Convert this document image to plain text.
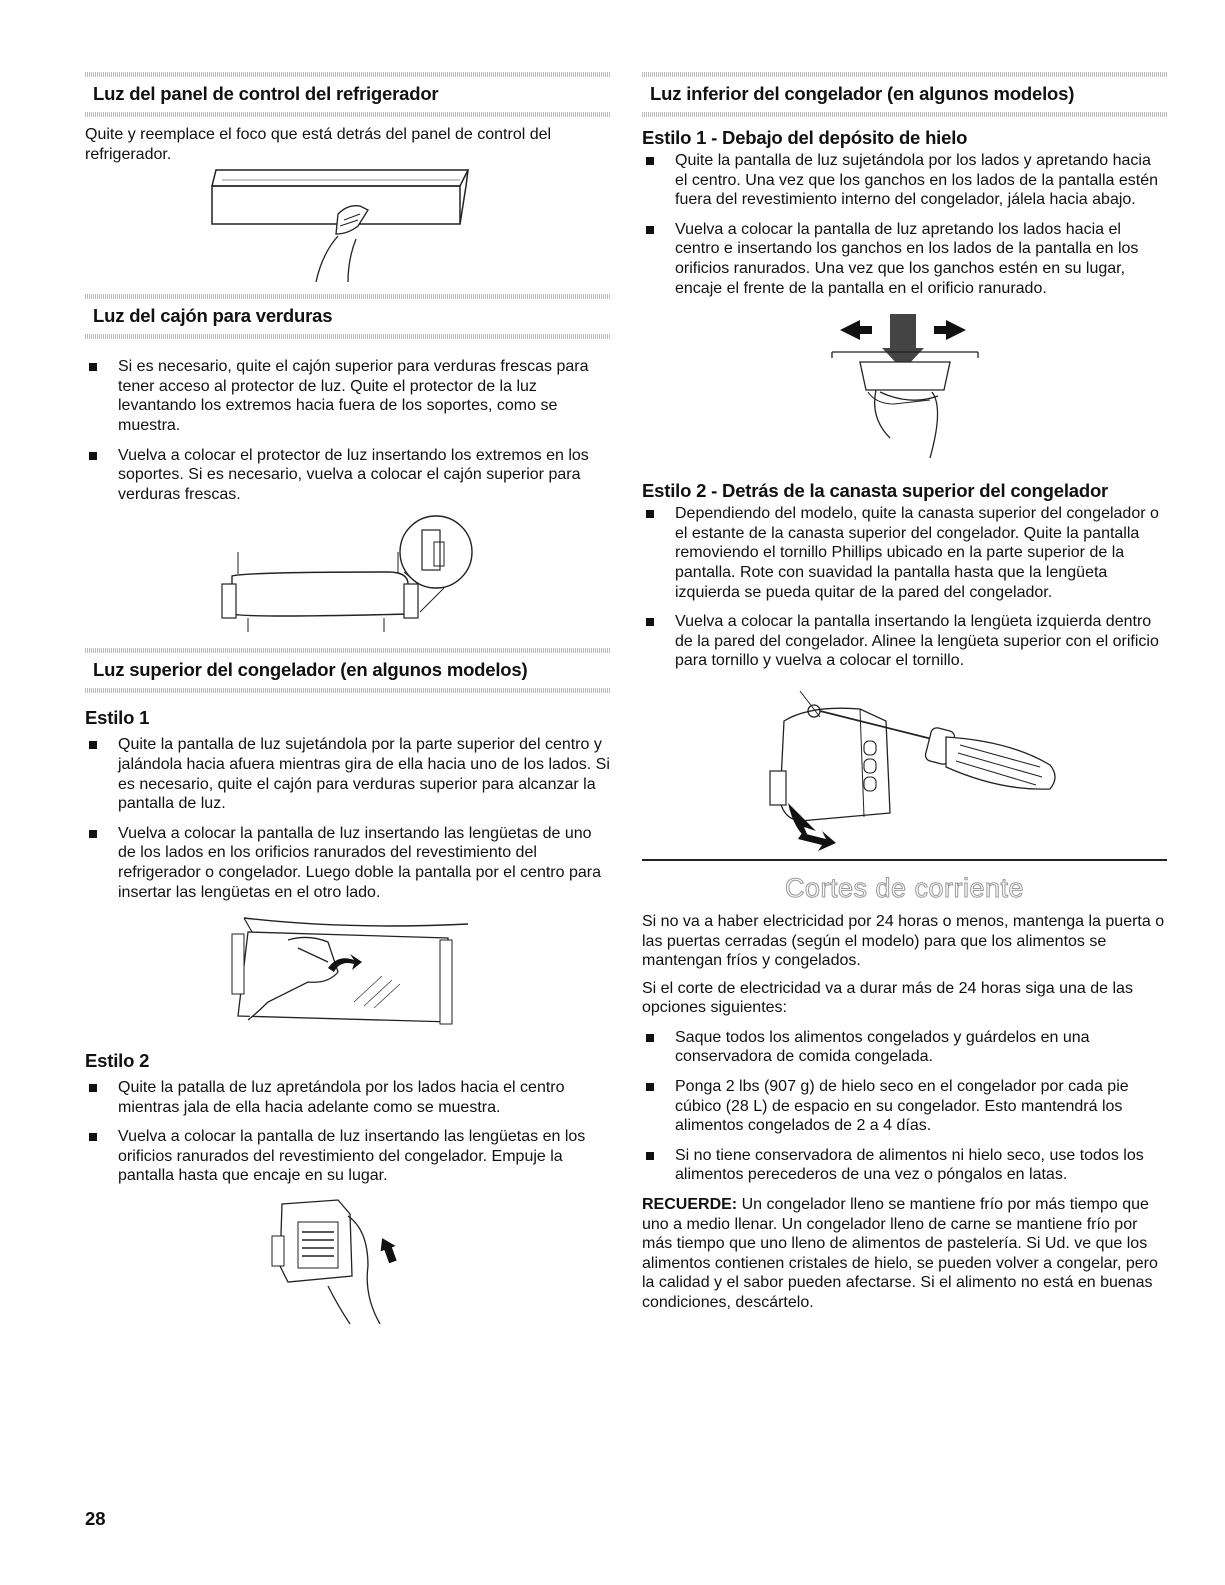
Luz del panel de control del refrigerador

Quite y reemplace el foco que está detrás del panel de control del refrigerador.

Luz del cajón para verduras
Si es necesario, quite el cajón superior para verduras frescas para tener acceso al protector de luz. Quite el protector de la luz levantando los extremos hacia fuera de los soportes, como se muestra.
Vuelva a colocar el protector de luz insertando los extremos en los soportes. Si es necesario, vuelva a colocar el cajón superior para verduras frescas.
Luz superior del congelador (en algunos modelos)
Estilo 1
Quite la pantalla de luz sujetándola por la parte superior del centro y jalándola hacia afuera mientras gira de ella hacia uno de los lados. Si es necesario, quite el cajón para verduras superior para alcanzar la pantalla de luz.
Vuelva a colocar la pantalla de luz insertando las lengüetas de uno de los lados en los orificios ranurados del revestimiento del refrigerador o congelador. Luego doble la pantalla por el centro para insertar las lengüetas en el otro lado.
Estilo 2
Quite la patalla de luz apretándola por los lados hacia el centro mientras jala de ella hacia adelante como se muestra.
Vuelva a colocar la pantalla de luz insertando las lengüetas en los orificios ranurados del revestimiento del congelador. Empuje la pantalla hasta que encaje en su lugar.
Luz inferior del congelador (en algunos modelos)
Estilo 1 - Debajo del depósito de hielo
Quite la pantalla de luz sujetándola por los lados y apretando hacia el centro. Una vez que los ganchos en los lados de la pantalla estén fuera del revestimiento interno del congelador, jálela hacia abajo.
Vuelva a colocar la pantalla de luz apretando los lados hacia el centro e insertando los ganchos en los lados de la pantalla en los orificios ranurados. Una vez que los ganchos estén en su lugar, encaje el frente de la pantalla en el orificio ranurado.
Estilo 2 - Detrás de la canasta superior del congelador
Dependiendo del modelo, quite la canasta superior del congelador o el estante de la canasta superior del congelador. Quite la pantalla removiendo el tornillo Phillips ubicado en la parte superior de la pantalla. Rote con suavidad la pantalla hasta que la lengüeta izquierda se pueda quitar de la pared del congelador.
Vuelva a colocar la pantalla insertando la lengüeta izquierda dentro de la pared del congelador. Alinee la lengüeta superior con el orificio para tornillo y vuelva a colocar el tornillo.
Cortes de corriente

Si no va a haber electricidad por 24 horas o menos, mantenga la puerta o las puertas cerradas (según el modelo) para que los alimentos se mantengan fríos y congelados.

Si el corte de electricidad va a durar más de 24 horas siga una de las opciones siguientes:

Saque todos los alimentos congelados y guárdelos en una conservadora de comida congelada.
Ponga 2 lbs (907 g) de hielo seco en el congelador por cada pie cúbico (28 L) de espacio en su congelador. Esto mantendrá los alimentos congelados de 2 a 4 días.
Si no tiene conservadora de alimentos ni hielo seco, use todos los alimentos perecederos de una vez o póngalos en latas.

RECUERDE: Un congelador lleno se mantiene frío por más tiempo que uno a medio llenar. Un congelador lleno de carne se mantiene frío por más tiempo que uno lleno de alimentos de pastelería. Si Ud. ve que los alimentos contienen cristales de hielo, se pueden volver a congelar, pero la calidad y el sabor pueden afectarse. Si el alimento no está en buenas condiciones, descártelo.

28
